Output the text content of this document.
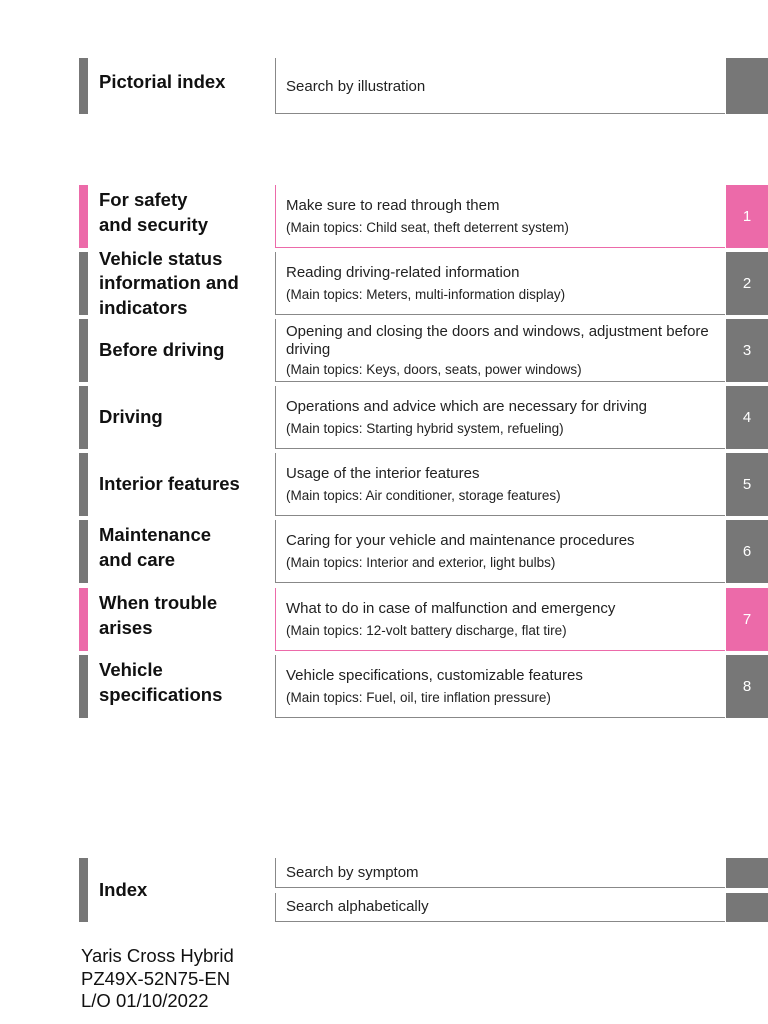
Pictorial index	Search by illustration
For safety
and security
Make sure to read through them
(Main topics: Child seat, theft deterrent system)
1
Vehicle status
information and
indicators
Reading driving-related information
(Main topics: Meters, multi-information display)
2
Before driving
Opening and closing the doors and windows, adjustment before driving
(Main topics: Keys, doors, seats, power windows)
3
Driving
Operations and advice which are necessary for driving
(Main topics: Starting hybrid system, refueling)
4
Interior features
Usage of the interior features
(Main topics: Air conditioner, storage features)
5
Maintenance
and care
Caring for your vehicle and maintenance procedures
(Main topics: Interior and exterior, light bulbs)
6
When trouble
arises
What to do in case of malfunction and emergency
(Main topics: 12-volt battery discharge, flat tire)
7
Vehicle
specifications
Vehicle specifications, customizable features
(Main topics: Fuel, oil, tire inflation pressure)
8
Index
Search by symptom
Search alphabetically
Yaris Cross Hybrid
PZ49X-52N75-EN
L/O 01/10/2022
